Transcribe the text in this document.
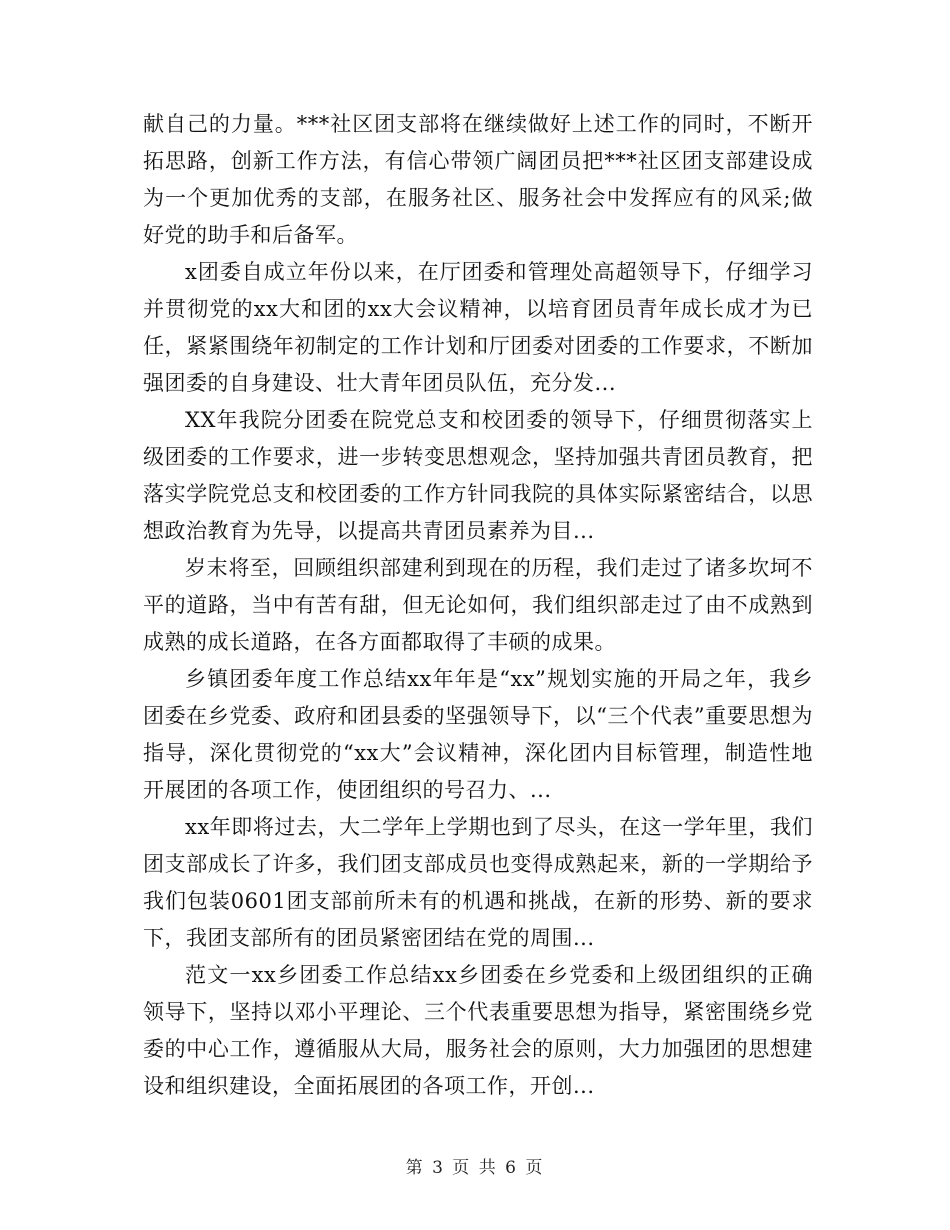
献自己的力量。***社区团支部将在继续做好上述工作的同时，不断开拓思路，创新工作方法，有信心带领广阔团员把***社区团支部建设成为一个更加优秀的支部，在服务社区、服务社会中发挥应有的风采;做好党的助手和后备军。

x团委自成立年份以来，在厅团委和管理处高超领导下，仔细学习并贯彻党的xx大和团的xx大会议精神，以培育团员青年成长成才为已任，紧紧围绕年初制定的工作计划和厅团委对团委的工作要求，不断加强团委的自身建设、壮大青年团员队伍，充分发...

XX年我院分团委在院党总支和校团委的领导下，仔细贯彻落实上级团委的工作要求，进一步转变思想观念，坚持加强共青团员教育，把落实学院党总支和校团委的工作方针同我院的具体实际紧密结合，以思想政治教育为先导，以提高共青团员素养为目...

岁末将至，回顾组织部建利到现在的历程，我们走过了诸多坎坷不平的道路，当中有苦有甜，但无论如何，我们组织部走过了由不成熟到成熟的成长道路，在各方面都取得了丰硕的成果。

乡镇团委年度工作总结xx年年是“xx”规划实施的开局之年，我乡团委在乡党委、政府和团县委的坚强领导下，以“三个代表”重要思想为指导，深化贯彻党的“xx大”会议精神，深化团内目标管理，制造性地开展团的各项工作，使团组织的号召力、...

xx年即将过去，大二学年上学期也到了尽头，在这一学年里，我们团支部成长了许多，我们团支部成员也变得成熟起来，新的一学期给予我们包装0601团支部前所未有的机遇和挑战，在新的形势、新的要求下，我团支部所有的团员紧密团结在党的周围...

范文一xx乡团委工作总结xx乡团委在乡党委和上级团组织的正确领导下，坚持以邓小平理论、三个代表重要思想为指导，紧密围绕乡党委的中心工作，遵循服从大局，服务社会的原则，大力加强团的思想建设和组织建设，全面拓展团的各项工作，开创...

第 3 页 共 6 页
